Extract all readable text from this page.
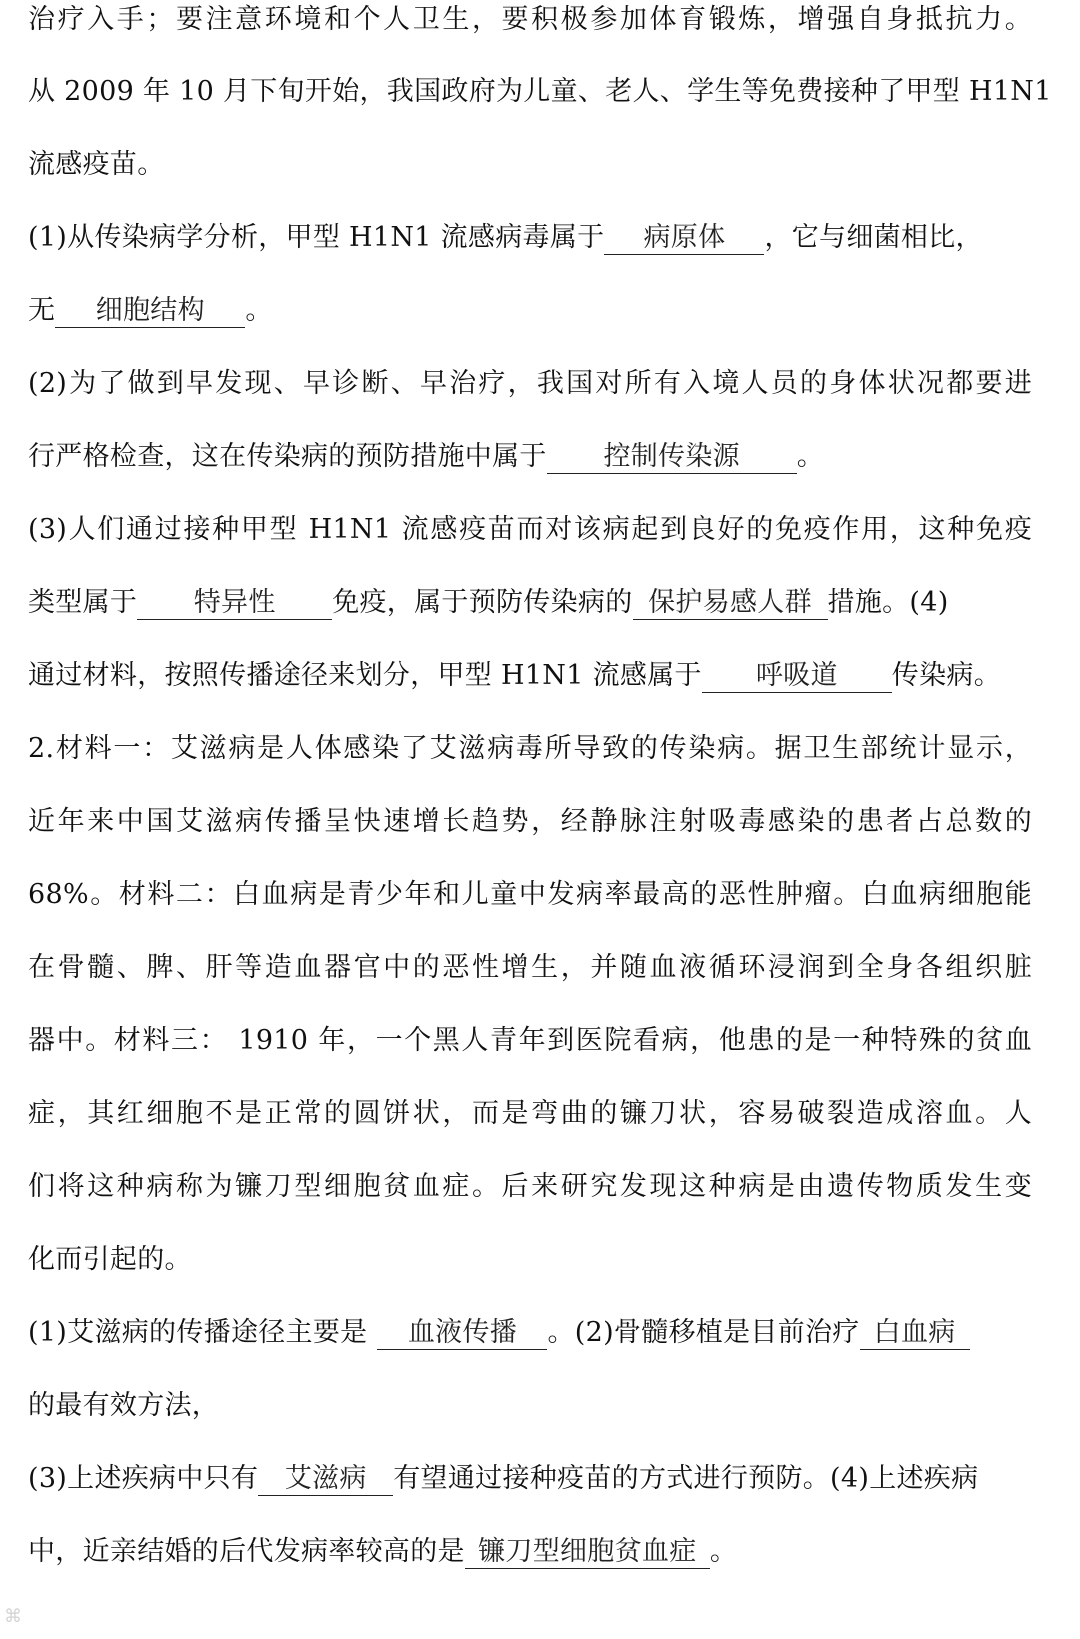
治疗入手；要注意环境和个人卫生，要积极参加体育锻炼，增强自身抵抗力。
从 2009 年 10 月下旬开始，我国政府为儿童、老人、学生等免费接种了甲型 H1N1
流感疫苗。
(1)从传染病学分析，甲型 H1N1 流感病毒属于 病原体 ，它与细菌相比，
无 细胞结构 。
(2)为了做到早发现、早诊断、早治疗，我国对所有入境人员的身体状况都要进
行严格检查，这在传染病的预防措施中属于 控制传染源 。
(3)人们通过接种甲型 H1N1 流感疫苗而对该病起到良好的免疫作用，这种免疫
类型属于 特异性 免疫，属于预防传染病的 保护易感人群 措施。(4)
通过材料，按照传播途径来划分，甲型 H1N1 流感属于 呼吸道 传染病。
2.材料一：艾滋病是人体感染了艾滋病毒所导致的传染病。据卫生部统计显示，
近年来中国艾滋病传播呈快速增长趋势，经静脉注射吸毒感染的患者占总数的
68%。材料二：白血病是青少年和儿童中发病率最高的恶性肿瘤。白血病细胞能
在骨髓、脾、肝等造血器官中的恶性增生，并随血液循环浸润到全身各组织脏
器中。材料三： 1910 年，一个黑人青年到医院看病，他患的是一种特殊的贫血
症，其红细胞不是正常的圆饼状，而是弯曲的镰刀状，容易破裂造成溶血。人
们将这种病称为镰刀型细胞贫血症。后来研究发现这种病是由遗传物质发生变
化而引起的。
(1)艾滋病的传播途径主要是 血液传播 。(2)骨髓移植是目前治疗 白血病
的最有效方法，
(3)上述疾病中只有 艾滋病 有望通过接种疫苗的方式进行预防。(4)上述疾病
中，近亲结婚的后代发病率较高的是 镰刀型细胞贫血症 。
⌘
